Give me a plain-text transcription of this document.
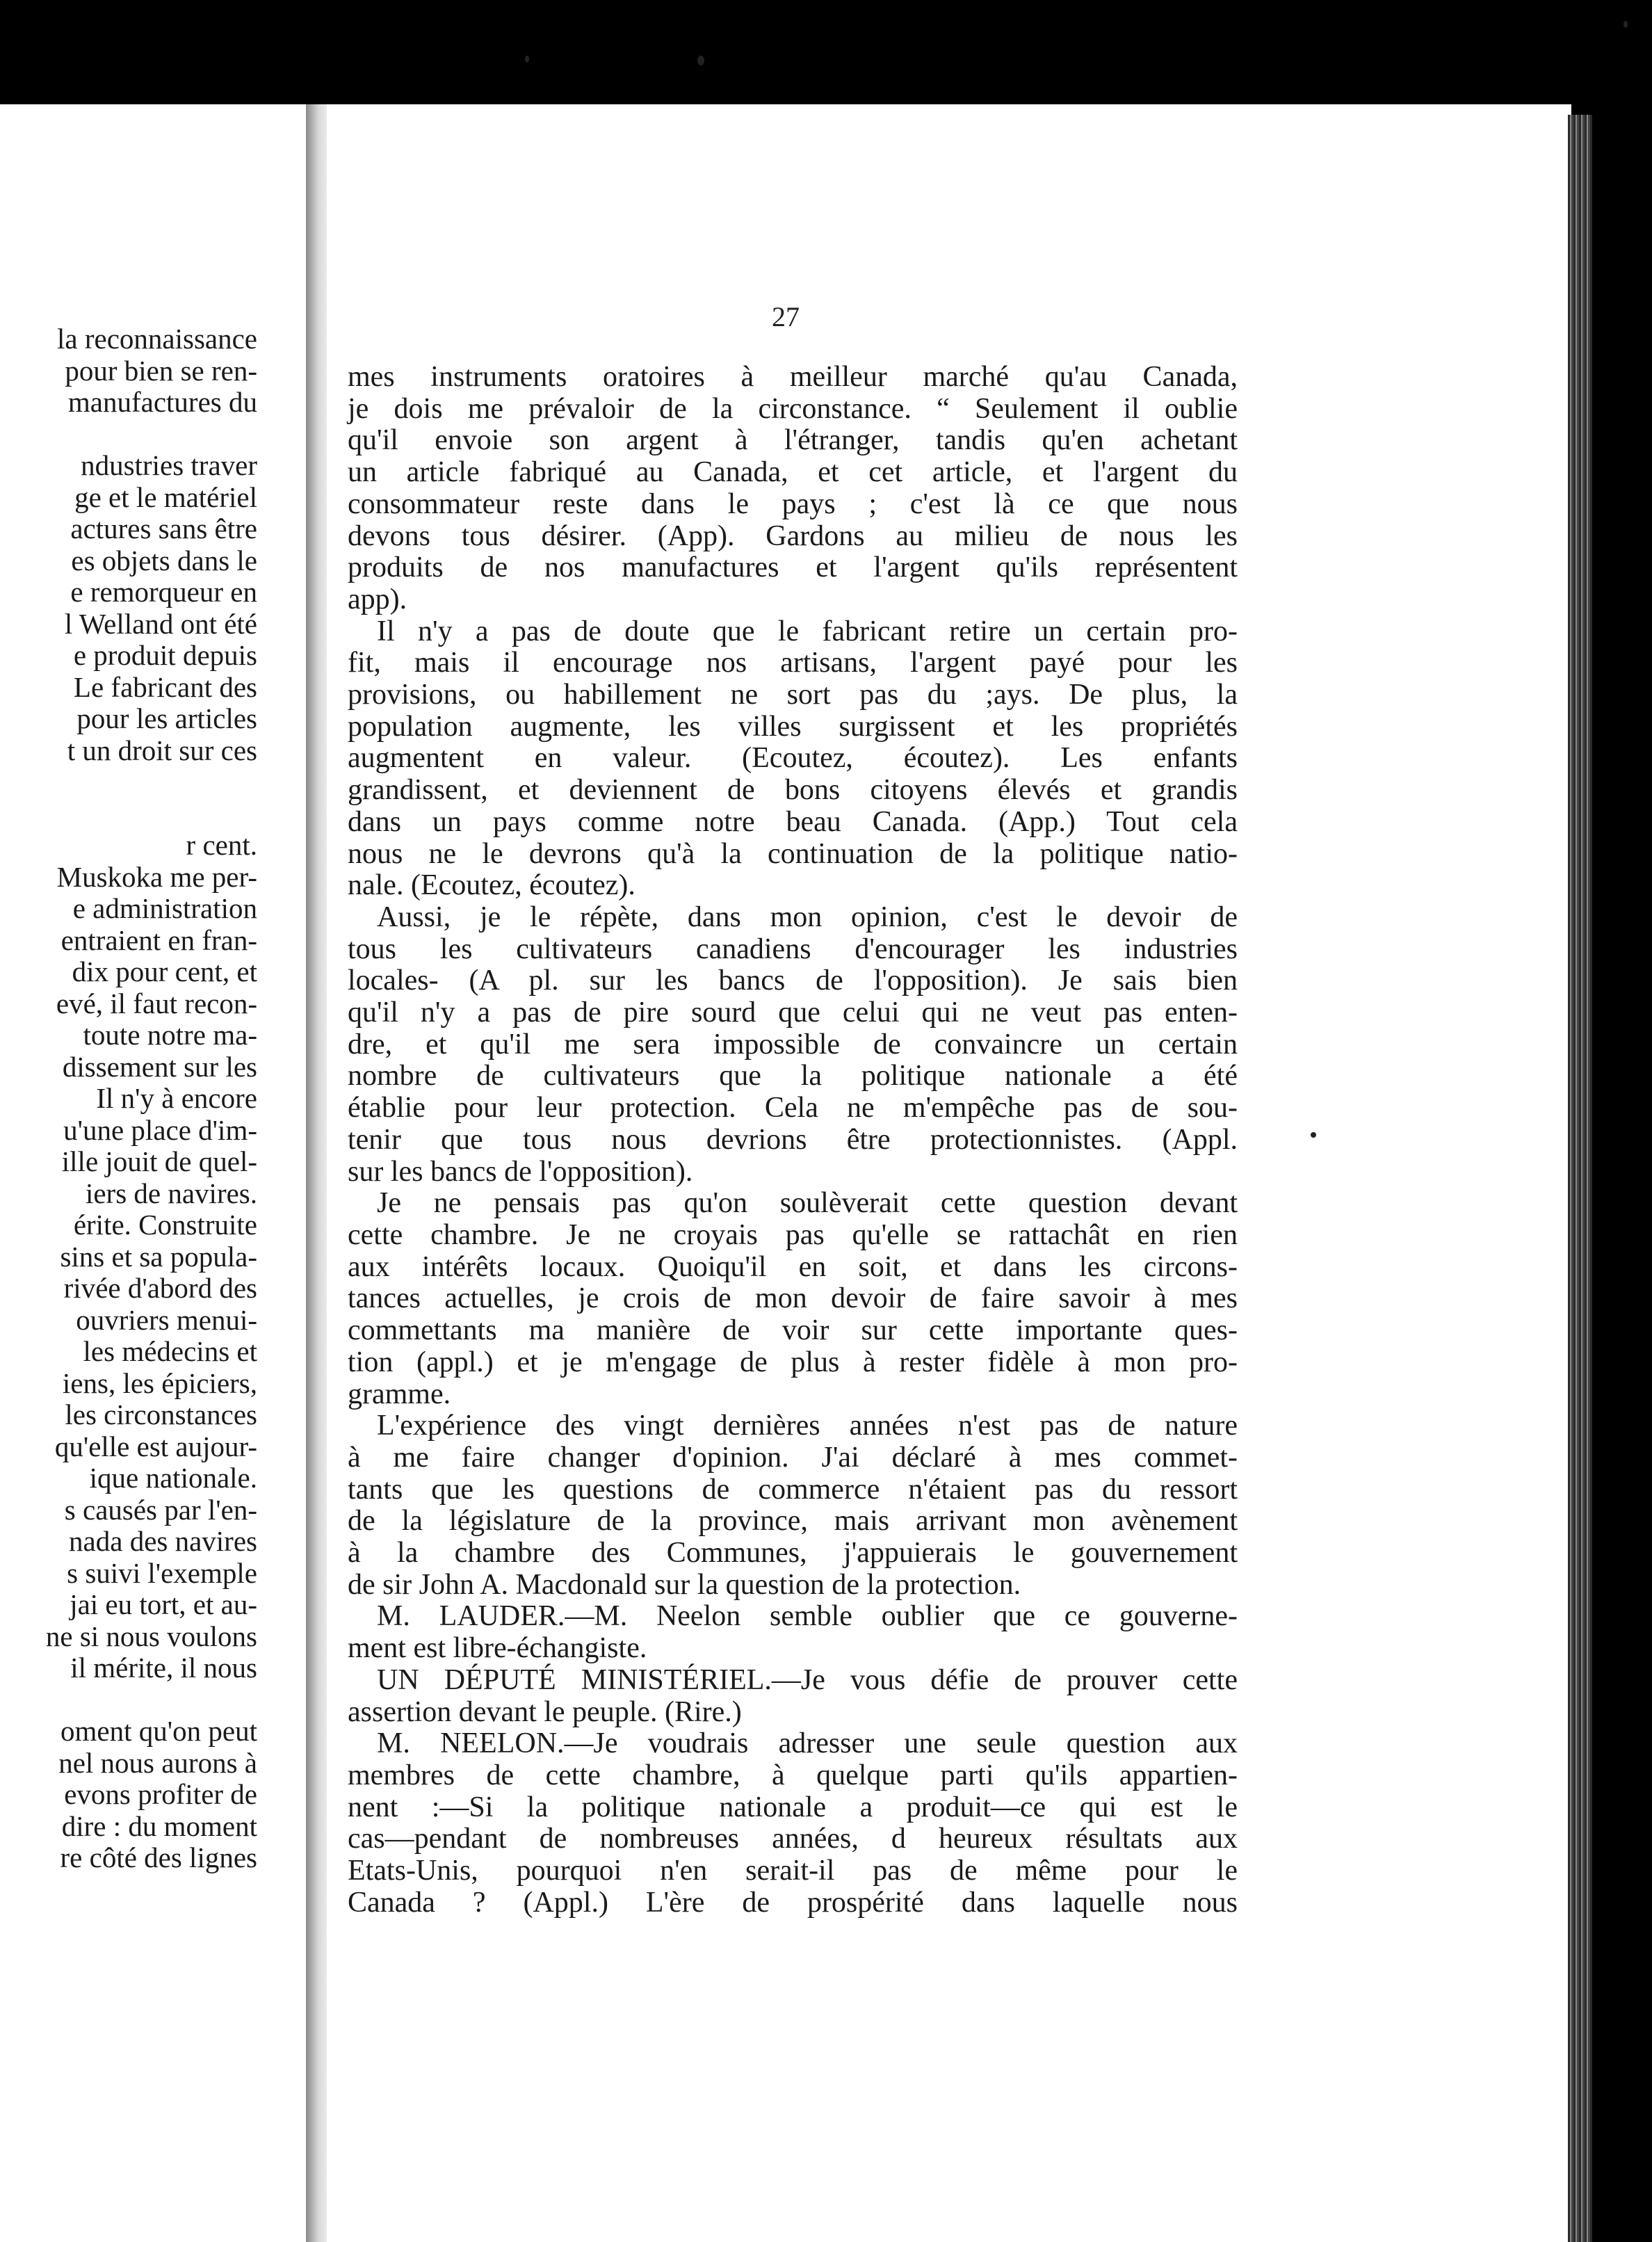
la reconnaissance
pour bien se ren-
manufactures du

ndustries traver
ge et le matériel
actures sans être
es objets dans le
e remorqueur en
l Welland ont été
e produit depuis
Le fabricant des
pour les articles
t un droit sur ces

r cent.
Muskoka me per-
e administration
entraient en fran-
dix pour cent, et
evé, il faut recon-
toute notre ma-
dissement sur les
Il n'y à encore
u'une place d'im-
ille jouit de quel-
iers de navires.
érite. Construite
sins et sa popula-
rivée d'abord des
ouvriers menui-
les médecins et
iens, les épiciers,
les circonstances
qu'elle est aujour-
ique nationale.
s causés par l'en-
nada des navires
s suivi l'exemple
jai eu tort, et au-
ne si nous voulons
il mérite, il nous

oment qu'on peut
nel nous aurons à
evons profiter de
dire : du moment
re côté des lignes
27
mes instruments oratoires à meilleur marché qu'au Canada,
je dois me prévaloir de la circonstance. “ Seulement il oublie
qu'il envoie son argent à l'étranger, tandis qu'en achetant
un article fabriqué au Canada, et cet article, et l'argent du
consommateur reste dans le pays ; c'est là ce que nous
devons tous désirer. (App). Gardons au milieu de nous les
produits de nos manufactures et l'argent qu'ils représentent
app).
Il n'y a pas de doute que le fabricant retire un certain pro-
fit, mais il encourage nos artisans, l'argent payé pour les
provisions, ou habillement ne sort pas du ;ays. De plus, la
population augmente, les villes surgissent et les propriétés
augmentent en valeur. (Ecoutez, écoutez). Les enfants
grandissent, et deviennent de bons citoyens élevés et grandis
dans un pays comme notre beau Canada. (App.) Tout cela
nous ne le devrons qu'à la continuation de la politique natio-
nale. (Ecoutez, écoutez).
Aussi, je le répète, dans mon opinion, c'est le devoir de
tous les cultivateurs canadiens d'encourager les industries
locales- (A pl. sur les bancs de l'opposition). Je sais bien
qu'il n'y a pas de pire sourd que celui qui ne veut pas enten-
dre, et qu'il me sera impossible de convaincre un certain
nombre de cultivateurs que la politique nationale a été
établie pour leur protection. Cela ne m'empêche pas de sou-
tenir que tous nous devrions être protectionnistes. (Appl.
sur les bancs de l'opposition).
Je ne pensais pas qu'on soulèverait cette question devant
cette chambre. Je ne croyais pas qu'elle se rattachât en rien
aux intérêts locaux. Quoiqu'il en soit, et dans les circons-
tances actuelles, je crois de mon devoir de faire savoir à mes
commettants ma manière de voir sur cette importante ques-
tion (appl.) et je m'engage de plus à rester fidèle à mon pro-
gramme.
L'expérience des vingt dernières années n'est pas de nature
à me faire changer d'opinion. J'ai déclaré à mes commet-
tants que les questions de commerce n'étaient pas du ressort
de la législature de la province, mais arrivant mon avènement
à la chambre des Communes, j'appuierais le gouvernement
de sir John A. Macdonald sur la question de la protection.
M. LAUDER.—M. Neelon semble oublier que ce gouverne-
ment est libre-échangiste.
UN DÉPUTÉ MINISTÉRIEL.—Je vous défie de prouver cette
assertion devant le peuple. (Rire.)
M. NEELON.—Je voudrais adresser une seule question aux
membres de cette chambre, à quelque parti qu'ils appartien-
nent :—Si la politique nationale a produit—ce qui est le
cas—pendant de nombreuses années, d heureux résultats aux
Etats-Unis, pourquoi n'en serait-il pas de même pour le
Canada ? (Appl.) L'ère de prospérité dans laquelle nous
